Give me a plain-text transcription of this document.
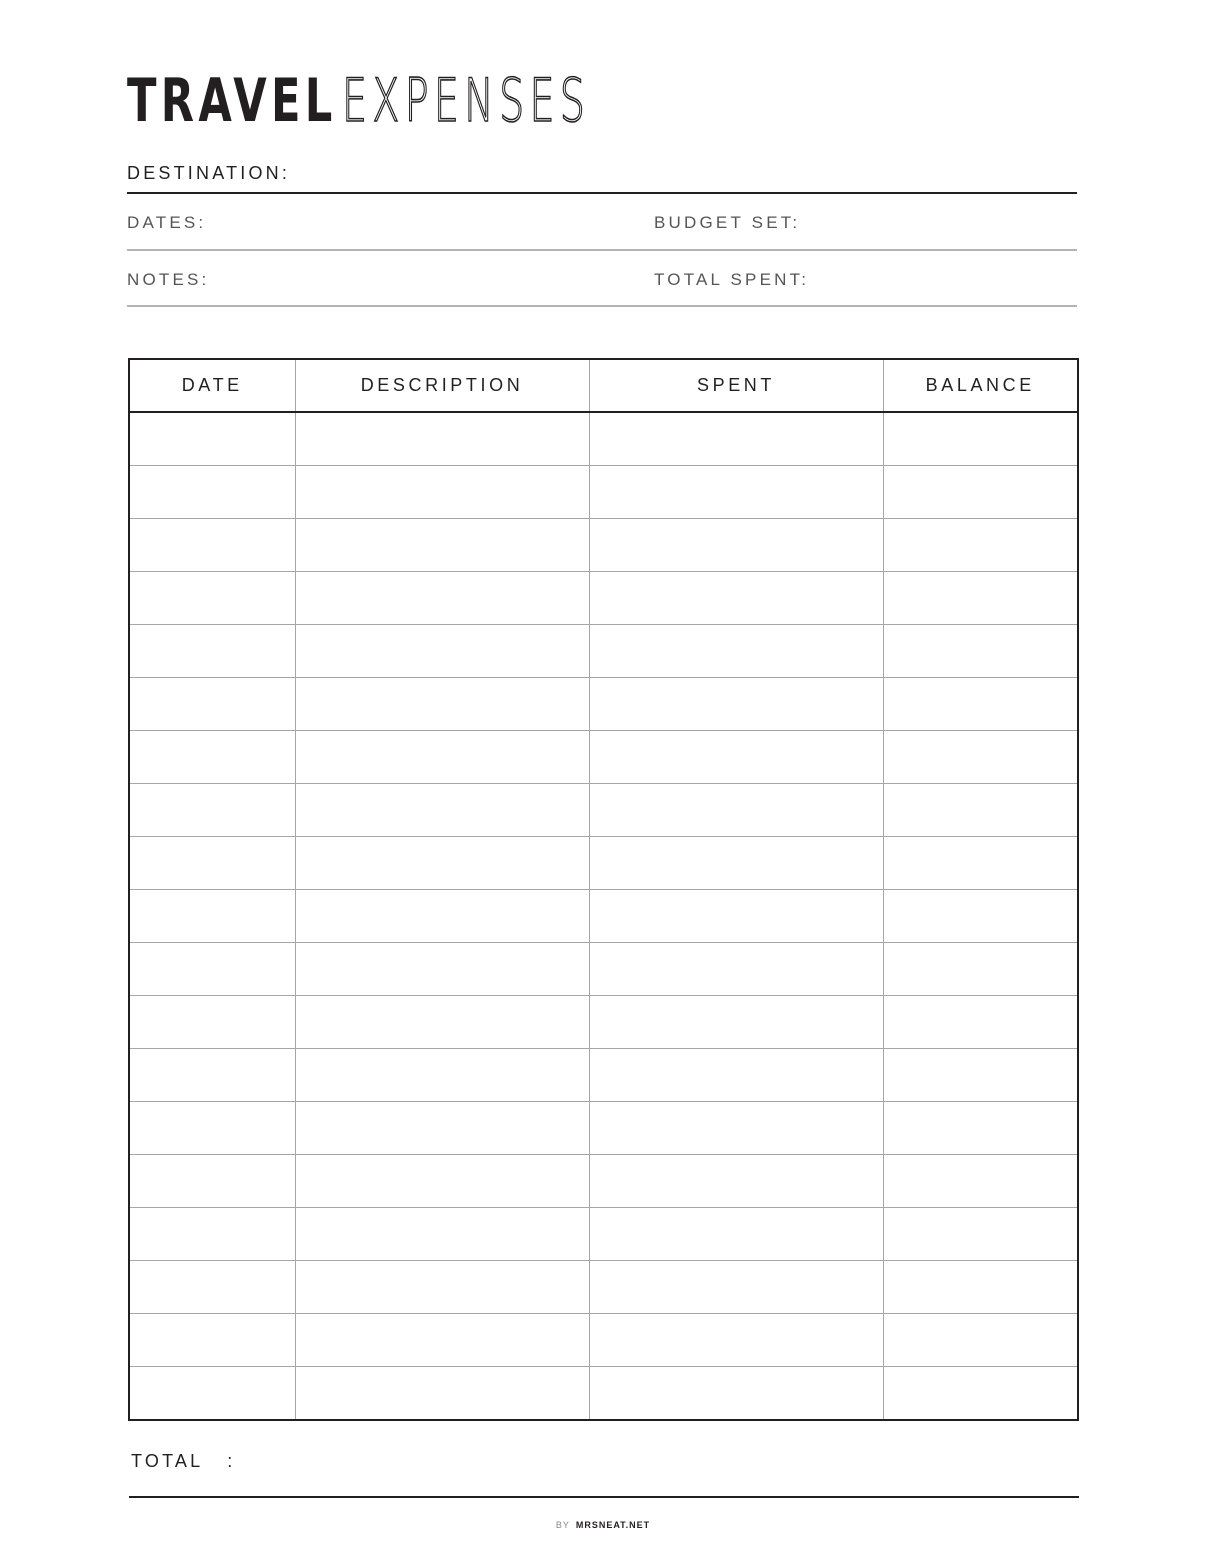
TRAVEL EXPENSES
DESTINATION:
DATES:	BUDGET SET:
NOTES:	TOTAL SPENT:
DATE	DESCRIPTION	SPENT	BALANCE

TOTAL   :
BY MRSNEAT.NET
